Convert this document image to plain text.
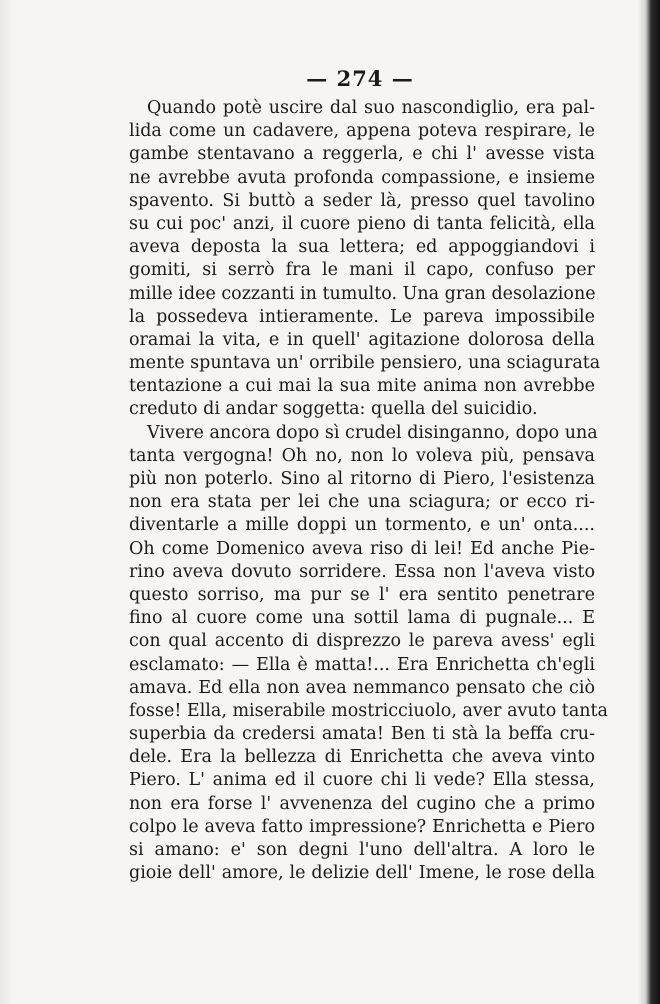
— 274 —
Quando potè uscire dal suo nascondiglio, era pal-
lida come un cadavere, appena poteva respirare, le
gambe stentavano a reggerla, e chi l' avesse vista
ne avrebbe avuta profonda compassione, e insieme
spavento. Si buttò a seder là, presso quel tavolino
su cui poc' anzi, il cuore pieno di tanta felicità, ella
aveva deposta la sua lettera; ed appoggiandovi i
gomiti, si serrò fra le mani il capo, confuso per
mille idee cozzanti in tumulto. Una gran desolazione
la possedeva intieramente. Le pareva impossibile
oramai la vita, e in quell' agitazione dolorosa della
mente spuntava un' orribile pensiero, una sciagurata
tentazione a cui mai la sua mite anima non avrebbe
creduto di andar soggetta: quella del suicidio.
Vivere ancora dopo sì crudel disinganno, dopo una
tanta vergogna! Oh no, non lo voleva più, pensava
più non poterlo. Sino al ritorno di Piero, l'esistenza
non era stata per lei che una sciagura; or ecco ri-
diventarle a mille doppi un tormento, e un' onta....
Oh come Domenico aveva riso di lei! Ed anche Pie-
rino aveva dovuto sorridere. Essa non l'aveva visto
questo sorriso, ma pur se l' era sentito penetrare
fino al cuore come una sottil lama di pugnale... E
con qual accento di disprezzo le pareva avess' egli
esclamato: — Ella è matta!... Era Enrichetta ch'egli
amava. Ed ella non avea nemmanco pensato che ciò
fosse! Ella, miserabile mostricciuolo, aver avuto tanta
superbia da credersi amata! Ben ti stà la beffa cru-
dele. Era la bellezza di Enrichetta che aveva vinto
Piero. L' anima ed il cuore chi li vede? Ella stessa,
non era forse l' avvenenza del cugino che a primo
colpo le aveva fatto impressione? Enrichetta e Piero
si amano: e' son degni l'uno dell'altra. A loro le
gioie dell' amore, le delizie dell' Imene, le rose della
